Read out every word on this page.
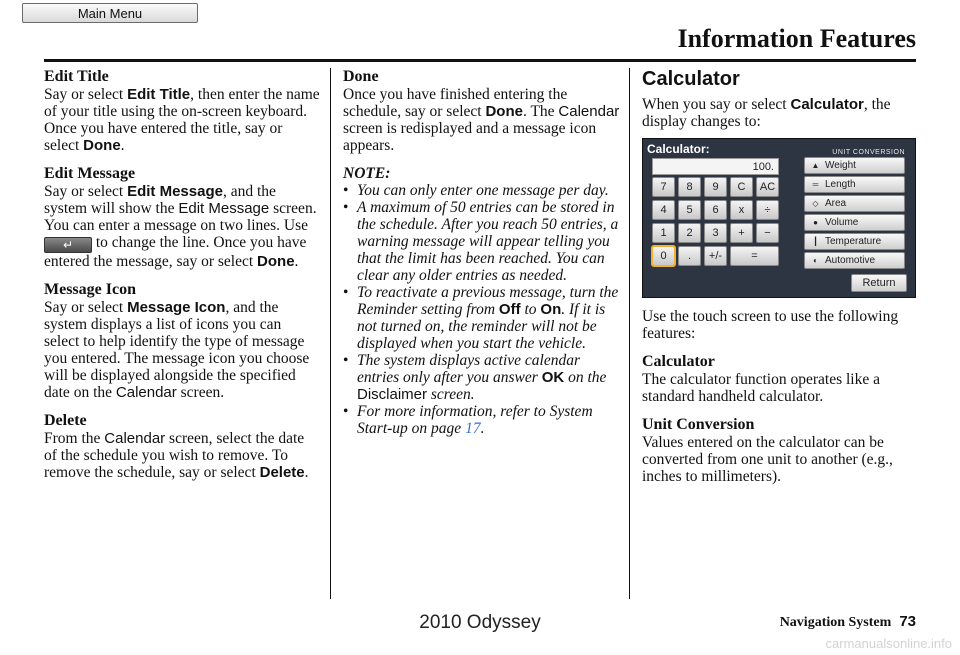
Main Menu
Information Features

Edit Title

Say or select Edit Title, then enter the name of your title using the on-screen keyboard. Once you have entered the title, say or select Done.

Edit Message

Say or select Edit Message, and the system will show the Edit Message screen. You can enter a message on two lines. Use ↵ to change the line. Once you have entered the message, say or select Done.

Message Icon

Say or select Message Icon, and the system displays a list of icons you can select to help identify the type of message you entered. The message icon you choose will be displayed alongside the specified date on the Calendar screen.

Delete

From the Calendar screen, select the date of the schedule you wish to remove. To remove the schedule, say or select Delete.

Done

Once you have finished entering the schedule, say or select Done. The Calendar screen is redisplayed and a message icon appears.

NOTE:

• You can only enter one message per day.
• A maximum of 50 entries can be stored in the schedule. After you reach 50 entries, a warning message will appear telling you that the limit has been reached. You can clear any older entries as needed.
• To reactivate a previous message, turn the Reminder setting from Off to On. If it is not turned on, the reminder will not be displayed when you start the vehicle.
• The system displays active calendar entries only after you answer OK on the Disclaimer screen.
• For more information, refer to System Start-up on page 17.

Calculator

When you say or select Calculator, the display changes to:

Calculator:	UNIT CONVERSION
100.
7	8	9	C	AC
4	5	6	x	÷
1	2	3	+	−
0	.	+/-	=
▲ Weight
═ Length
◇ Area
● Volume
┃ Temperature
◐ Automotive
Return

Use the touch screen to use the following features:

Calculator

The calculator function operates like a standard handheld calculator.

Unit Conversion

Values entered on the calculator can be converted from one unit to another (e.g., inches to millimeters).

2010 Odyssey	Navigation System 73
carmanualsonline.info
